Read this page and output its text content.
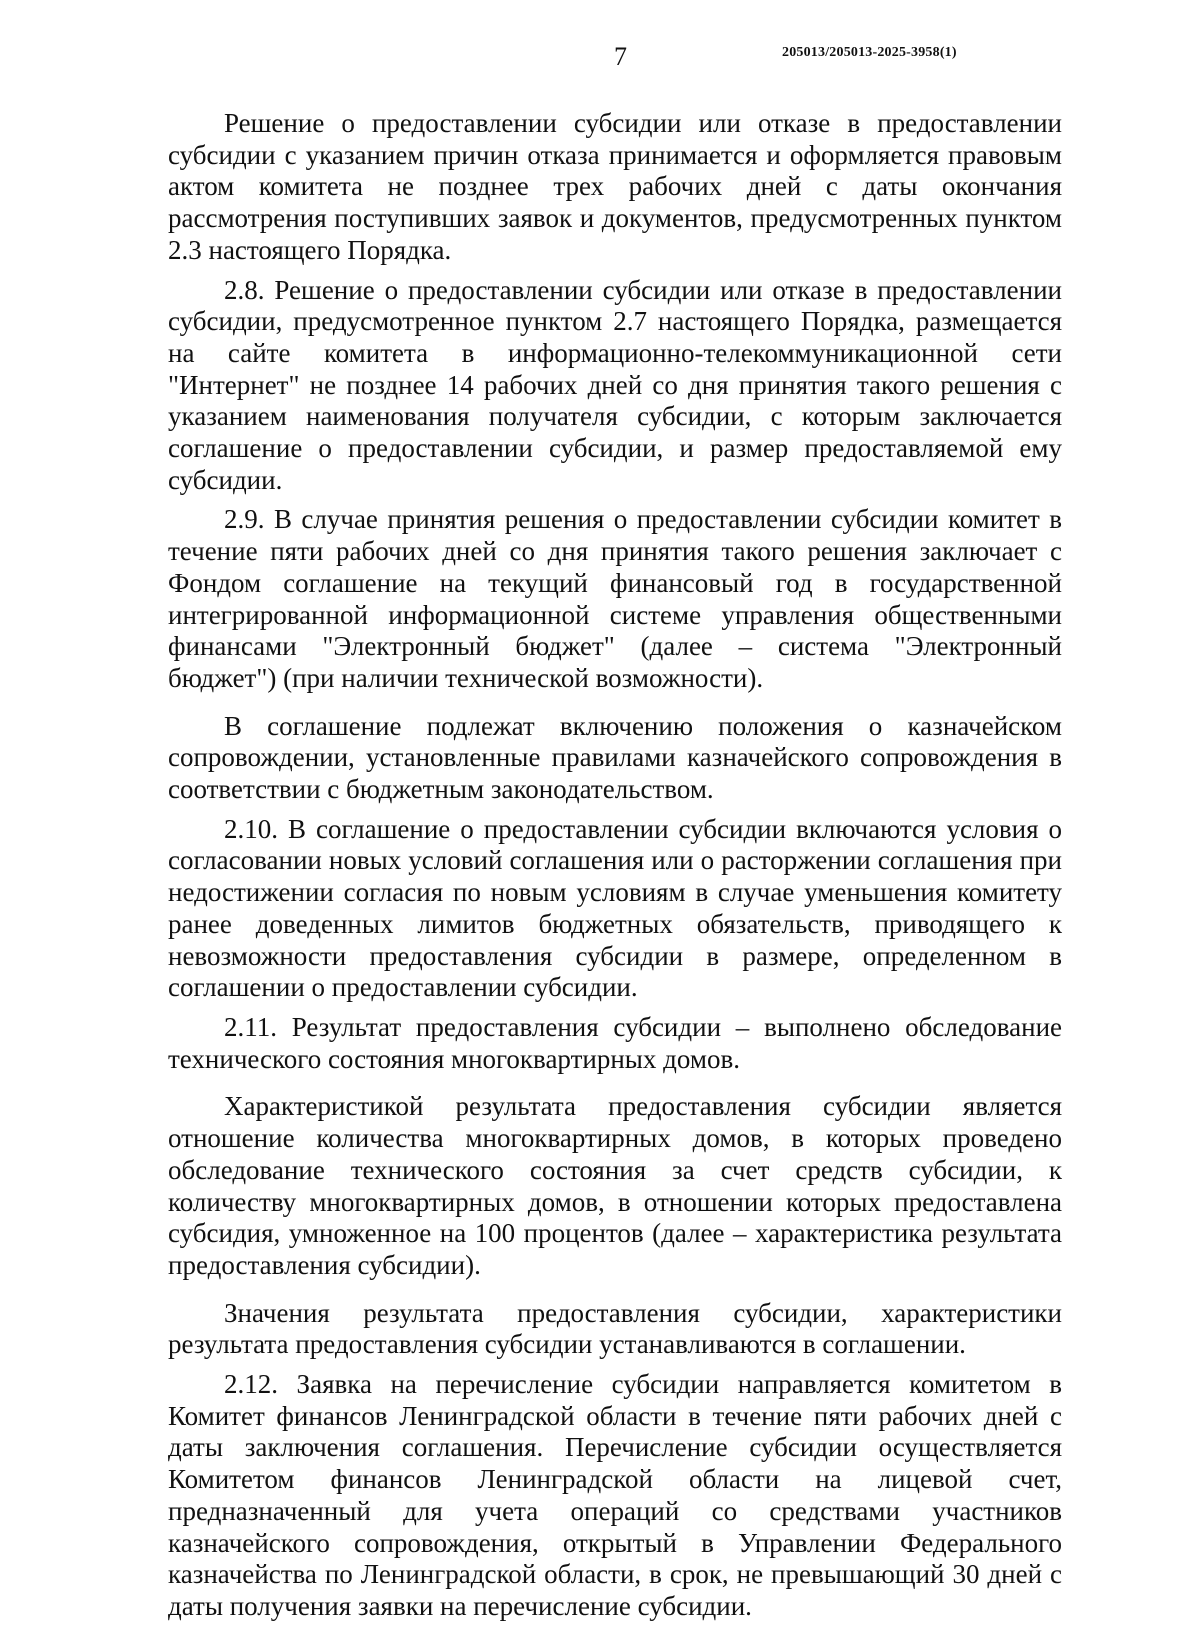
7	205013/205013-2025-3958(1)

Решение о предоставлении субсидии или отказе в предоставлении субсидии с указанием причин отказа принимается и оформляется правовым актом комитета не позднее трех рабочих дней с даты окончания рассмотрения поступивших заявок и документов, предусмотренных пунктом 2.3 настоящего Порядка.

2.8. Решение о предоставлении субсидии или отказе в предоставлении субсидии, предусмотренное пунктом 2.7 настоящего Порядка, размещается на сайте комитета в информационно-телекоммуникационной сети "Интернет" не позднее 14 рабочих дней со дня принятия такого решения с указанием наименования получателя субсидии, с которым заключается соглашение о предоставлении субсидии, и размер предоставляемой ему субсидии.

2.9. В случае принятия решения о предоставлении субсидии комитет в течение пяти рабочих дней со дня принятия такого решения заключает с Фондом соглашение на текущий финансовый год в государственной интегрированной информационной системе управления общественными финансами "Электронный бюджет" (далее – система "Электронный бюджет") (при наличии технической возможности).

В соглашение подлежат включению положения о казначейском сопровождении, установленные правилами казначейского сопровождения в соответствии с бюджетным законодательством.

2.10. В соглашение о предоставлении субсидии включаются условия о согласовании новых условий соглашения или о расторжении соглашения при недостижении согласия по новым условиям в случае уменьшения комитету ранее доведенных лимитов бюджетных обязательств, приводящего к невозможности предоставления субсидии в размере, определенном в соглашении о предоставлении субсидии.

2.11. Результат предоставления субсидии – выполнено обследование технического состояния многоквартирных домов.

Характеристикой результата предоставления субсидии является отношение количества многоквартирных домов, в которых проведено обследование технического состояния за счет средств субсидии, к количеству многоквартирных домов, в отношении которых предоставлена субсидия, умноженное на 100 процентов (далее – характеристика результата предоставления субсидии).

Значения результата предоставления субсидии, характеристики результата предоставления субсидии устанавливаются в соглашении.

2.12. Заявка на перечисление субсидии направляется комитетом в Комитет финансов Ленинградской области в течение пяти рабочих дней с даты заключения соглашения. Перечисление субсидии осуществляется Комитетом финансов Ленинградской области на лицевой счет, предназначенный для учета операций со средствами участников казначейского сопровождения, открытый в Управлении Федерального казначейства по Ленинградской области, в срок, не превышающий 30 дней с даты получения заявки на перечисление субсидии.
